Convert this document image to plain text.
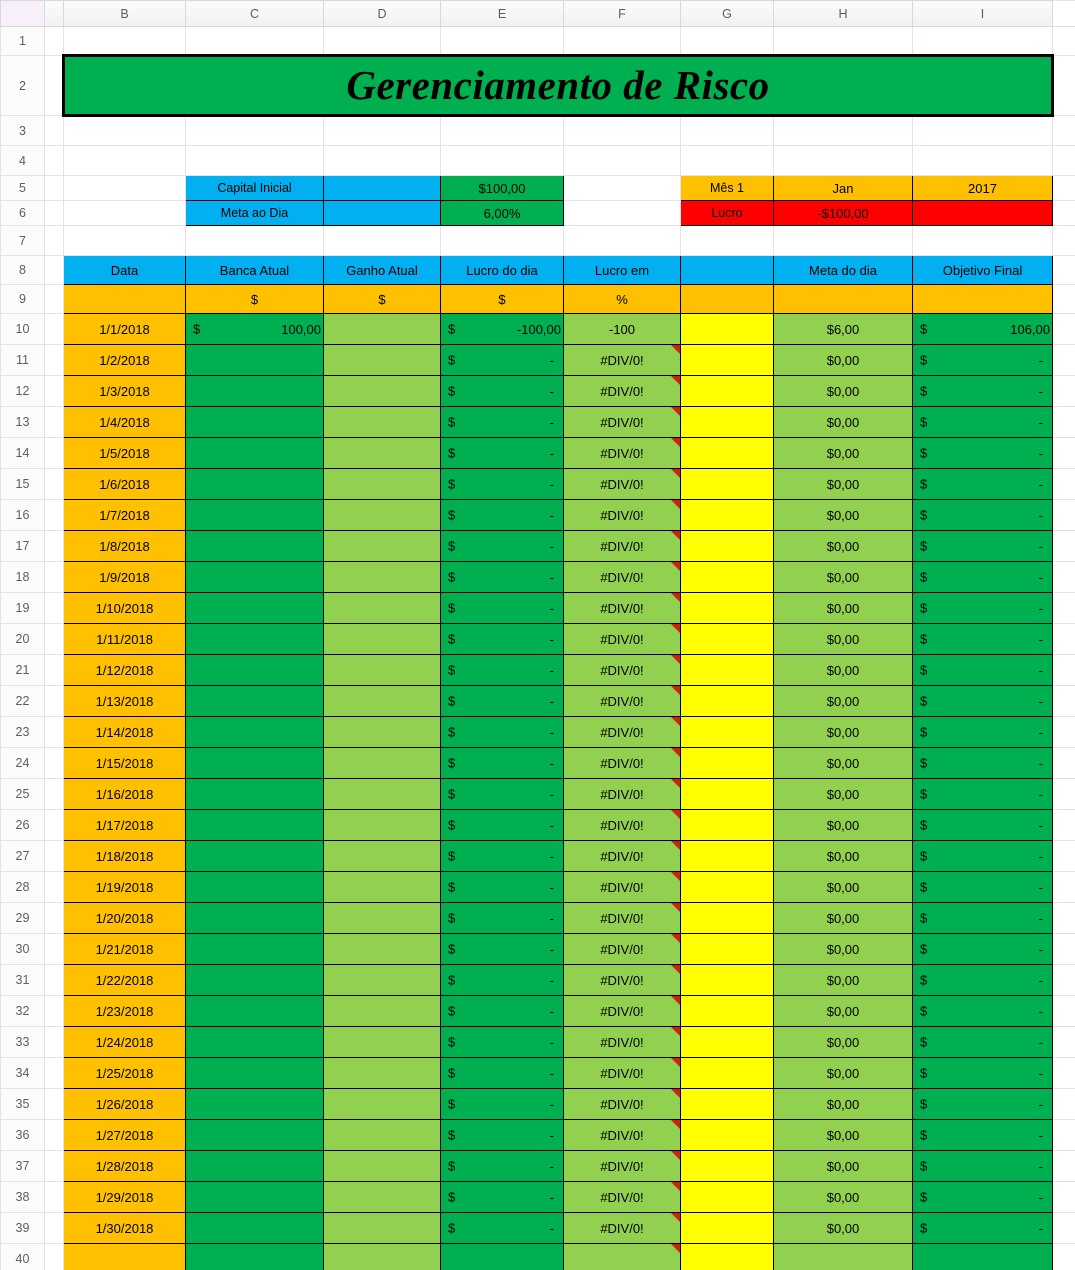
		B	C	D	E	F	G	H	I	
1										
2		Gerenciamento de Risco								
3										
4										
5			Capital Inicial		$100,00		Mês 1	Jan	2017	
6			Meta ao Dia		6,00%		Lucro	-$100,00		
7										
8		Data	Banca Atual	Ganho Atual	Lucro do dia	Lucro em		Meta do dia	Objetivo Final	
9			$	$	$	%				
10		1/1/2018	$ 100,00		$ -100,00	-100		$6,00	$ 106,00	
11		1/2/2018			$ -	#DIV/0!		$0,00	$ -	
12		1/3/2018			$ -	#DIV/0!		$0,00	$ -	
13		1/4/2018			$ -	#DIV/0!		$0,00	$ -	
14		1/5/2018			$ -	#DIV/0!		$0,00	$ -	
15		1/6/2018			$ -	#DIV/0!		$0,00	$ -	
16		1/7/2018			$ -	#DIV/0!		$0,00	$ -	
17		1/8/2018			$ -	#DIV/0!		$0,00	$ -	
18		1/9/2018			$ -	#DIV/0!		$0,00	$ -	
19		1/10/2018			$ -	#DIV/0!		$0,00	$ -	
20		1/11/2018			$ -	#DIV/0!		$0,00	$ -	
21		1/12/2018			$ -	#DIV/0!		$0,00	$ -	
22		1/13/2018			$ -	#DIV/0!		$0,00	$ -	
23		1/14/2018			$ -	#DIV/0!		$0,00	$ -	
24		1/15/2018			$ -	#DIV/0!		$0,00	$ -	
25		1/16/2018			$ -	#DIV/0!		$0,00	$ -	
26		1/17/2018			$ -	#DIV/0!		$0,00	$ -	
27		1/18/2018			$ -	#DIV/0!		$0,00	$ -	
28		1/19/2018			$ -	#DIV/0!		$0,00	$ -	
29		1/20/2018			$ -	#DIV/0!		$0,00	$ -	
30		1/21/2018			$ -	#DIV/0!		$0,00	$ -	
31		1/22/2018			$ -	#DIV/0!		$0,00	$ -	
32		1/23/2018			$ -	#DIV/0!		$0,00	$ -	
33		1/24/2018			$ -	#DIV/0!		$0,00	$ -	
34		1/25/2018			$ -	#DIV/0!		$0,00	$ -	
35		1/26/2018			$ -	#DIV/0!		$0,00	$ -	
36		1/27/2018			$ -	#DIV/0!		$0,00	$ -	
37		1/28/2018			$ -	#DIV/0!		$0,00	$ -	
38		1/29/2018			$ -	#DIV/0!		$0,00	$ -	
39		1/30/2018			$ -	#DIV/0!		$0,00	$ -	
40										
